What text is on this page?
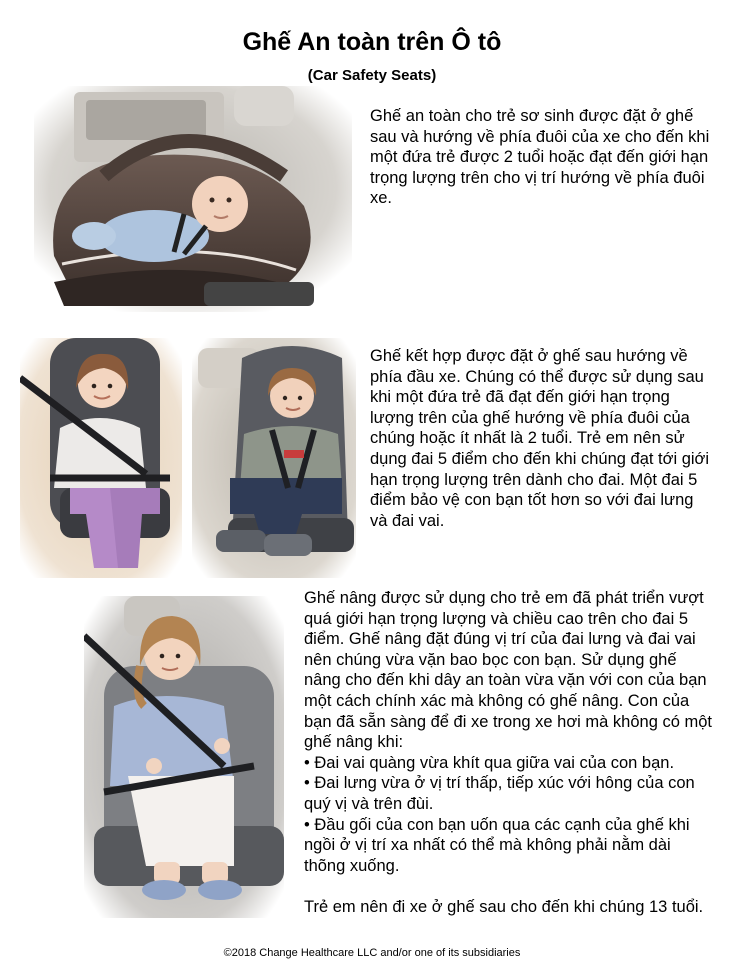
Ghế An toàn trên Ô tô
(Car Safety Seats)

Ghế an toàn cho trẻ sơ sinh được đặt ở ghế sau và hướng về phía đuôi của xe cho đến khi một đứa trẻ được 2 tuổi hoặc đạt đến giới hạn trọng lượng trên cho vị trí hướng về phía đuôi xe.

Ghế kết hợp được đặt ở ghế sau hướng về phía đầu xe. Chúng có thể được sử dụng sau khi một đứa trẻ đã đạt đến giới hạn trọng lượng trên của ghế hướng về phía đuôi của chúng hoặc ít nhất là 2 tuổi. Trẻ em nên sử dụng đai 5 điểm cho đến khi chúng đạt tới giới hạn trọng lượng trên dành cho đai. Một đai 5 điểm bảo vệ con bạn tốt hơn so với đai lưng và đai vai.

Ghế nâng được sử dụng cho trẻ em đã phát triển vượt quá giới hạn trọng lượng và chiều cao trên cho đai 5 điểm. Ghế nâng đặt đúng vị trí của đai lưng và đai vai nên chúng vừa vặn bao bọc con bạn. Sử dụng ghế nâng cho đến khi dây an toàn vừa vặn với con của bạn một cách chính xác mà không có ghế nâng. Con của bạn đã sẵn sàng để đi xe trong xe hơi mà không có một ghế nâng khi:
• Đai vai quàng vừa khít qua giữa vai của con bạn.
• Đai lưng vừa ở vị trí thấp, tiếp xúc với hông của con quý vị và trên đùi.
• Đầu gối của con bạn uốn qua các cạnh của ghế khi ngồi ở vị trí xa nhất có thể mà không phải nằm dài thõng xuống.
Trẻ em nên đi xe ở ghế sau cho đến khi chúng 13 tuổi.
©2018 Change Healthcare LLC and/or one of its subsidiaries
